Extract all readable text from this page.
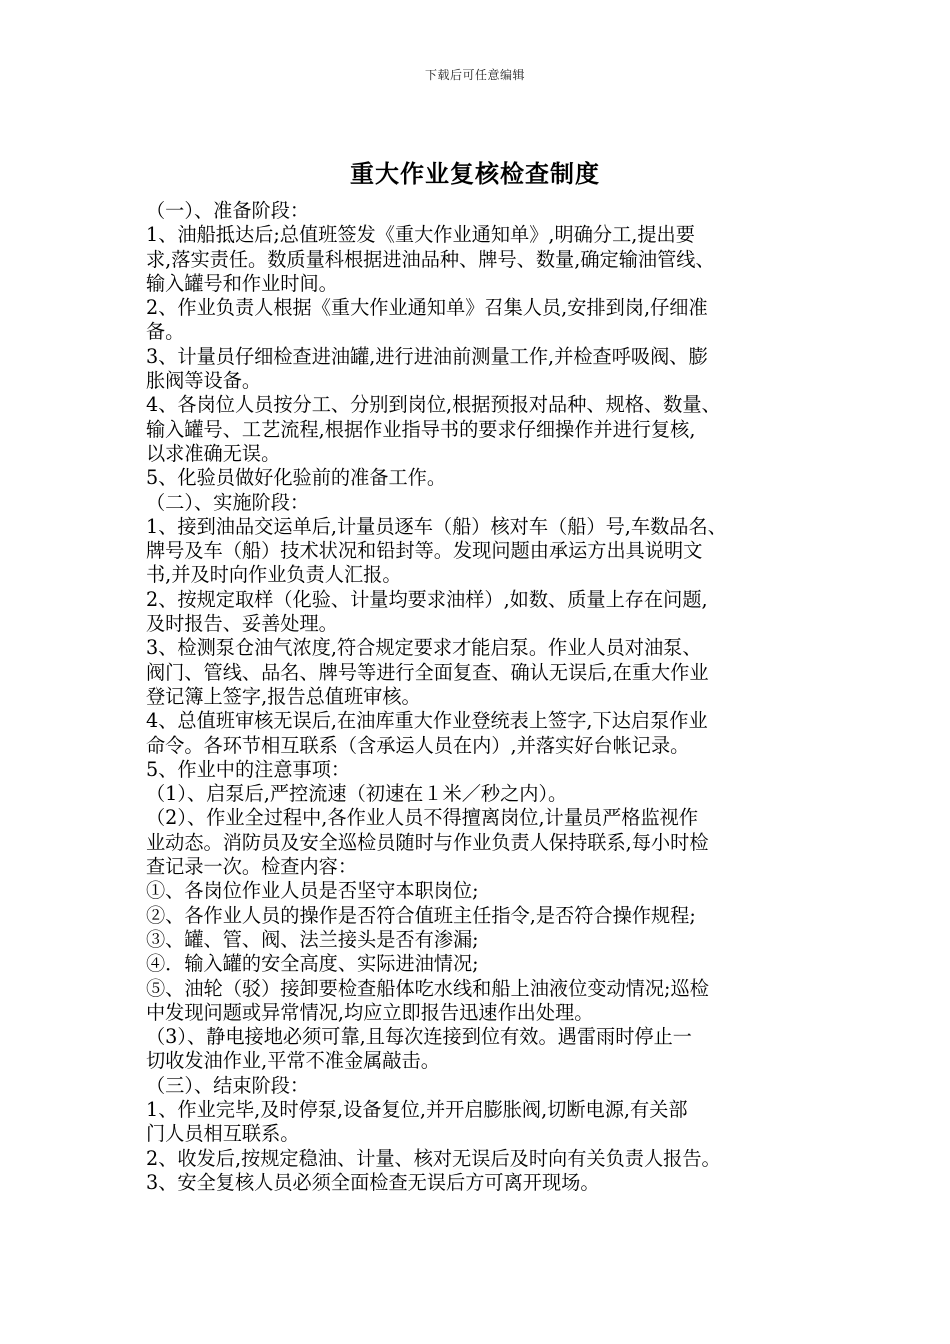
下载后可任意编辑
重大作业复核检查制度
（一）、准备阶段：
1、油船抵达后;总值班签发《重大作业通知单》,明确分工,提出要
求,落实责任。数质量科根据进油品种、牌号、数量,确定输油管线、
输入罐号和作业时间。
2、作业负责人根据《重大作业通知单》召集人员,安排到岗,仔细准
备。
3、计量员仔细检查进油罐,进行进油前测量工作,并检查呼吸阀、膨
胀阀等设备。
4、各岗位人员按分工、分别到岗位,根据预报对品种、规格、数量、
输入罐号、工艺流程,根据作业指导书的要求仔细操作并进行复核,
以求准确无误。
5、化验员做好化验前的准备工作。
（二）、实施阶段：
1、接到油品交运单后,计量员逐车（船）核对车（船）号,车数品名、
牌号及车（船）技术状况和铅封等。发现问题由承运方出具说明文
书,并及时向作业负责人汇报。
2、按规定取样（化验、计量均要求油样）,如数、质量上存在问题,
及时报告、妥善处理。
3、检测泵仓油气浓度,符合规定要求才能启泵。作业人员对油泵、
阀门、管线、品名、牌号等进行全面复查、确认无误后,在重大作业
登记簿上签字,报告总值班审核。
4、总值班审核无误后,在油库重大作业登统表上签字,下达启泵作业
命令。各环节相互联系（含承运人员在内）,并落实好台帐记录。
5、作业中的注意事项：
（1）、启泵后,严控流速（初速在１米／秒之内）。
（2）、作业全过程中,各作业人员不得擅离岗位,计量员严格监视作
业动态。消防员及安全巡检员随时与作业负责人保持联系,每小时检
查记录一次。检查内容：
①、各岗位作业人员是否坚守本职岗位;
②、各作业人员的操作是否符合值班主任指令,是否符合操作规程;
③、罐、管、阀、法兰接头是否有渗漏;
④．输入罐的安全高度、实际进油情况;
⑤、油轮（驳）接卸要检查船体吃水线和船上油液位变动情况;巡检
中发现问题或异常情况,均应立即报告迅速作出处理。
（3）、静电接地必须可靠,且每次连接到位有效。遇雷雨时停止一
切收发油作业,平常不准金属敲击。
（三）、结束阶段：
1、作业完毕,及时停泵,设备复位,并开启膨胀阀,切断电源,有关部
门人员相互联系。
2、收发后,按规定稳油、计量、核对无误后及时向有关负责人报告。
3、安全复核人员必须全面检查无误后方可离开现场。
